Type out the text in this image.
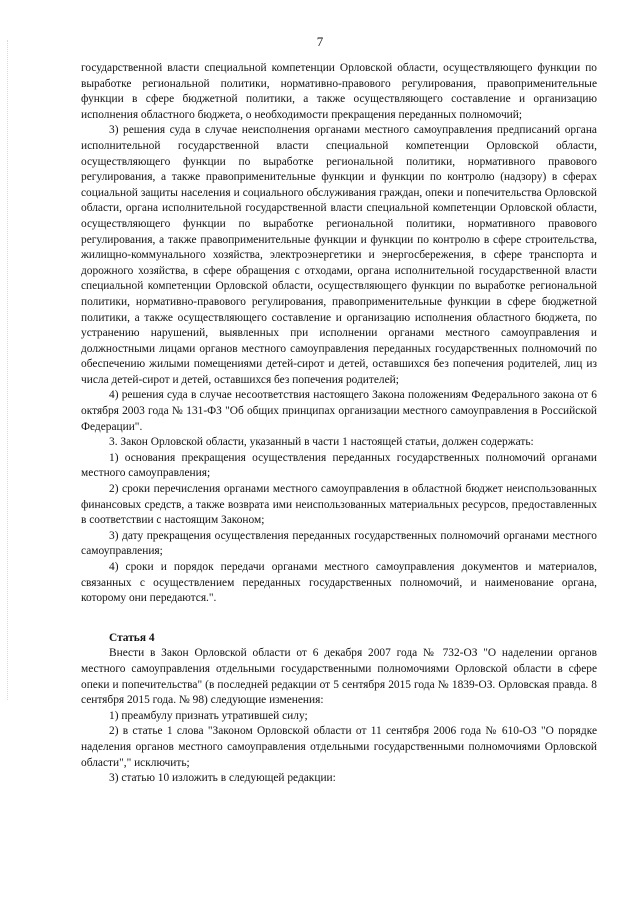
7

государственной власти специальной компетенции Орловской области, осуществляющего функции по выработке региональной политики, нормативно-правового регулирования, правоприменительные функции в сфере бюджетной политики, а также осуществляющего составление и организацию исполнения областного бюджета, о необходимости прекращения переданных полномочий;

3) решения суда в случае неисполнения органами местного самоуправления предписаний органа исполнительной государственной власти специальной компетенции Орловской области, осуществляющего функции по выработке региональной политики, нормативного правового регулирования, а также правоприменительные функции и функции по контролю (надзору) в сферах социальной защиты населения и социального обслуживания граждан, опеки и попечительства Орловской области, органа исполнительной государственной власти специальной компетенции Орловской области, осуществляющего функции по выработке региональной политики, нормативного правового регулирования, а также правоприменительные функции и функции по контролю в сфере строительства, жилищно-коммунального хозяйства, электроэнергетики и энергосбережения, в сфере транспорта и дорожного хозяйства, в сфере обращения с отходами, органа исполнительной государственной власти специальной компетенции Орловской области, осуществляющего функции по выработке региональной политики, нормативно-правового регулирования, правоприменительные функции в сфере бюджетной политики, а также осуществляющего составление и организацию исполнения областного бюджета, по устранению нарушений, выявленных при исполнении органами местного самоуправления и должностными лицами органов местного самоуправления переданных государственных полномочий по обеспечению жилыми помещениями детей-сирот и детей, оставшихся без попечения родителей, лиц из числа детей-сирот и детей, оставшихся без попечения родителей;

4) решения суда в случае несоответствия настоящего Закона положениям Федерального закона от 6 октября 2003 года № 131-ФЗ "Об общих принципах организации местного самоуправления в Российской Федерации".

3. Закон Орловской области, указанный в части 1 настоящей статьи, должен содержать:

1) основания прекращения осуществления переданных государственных полномочий органами местного самоуправления;

2) сроки перечисления органами местного самоуправления в областной бюджет неиспользованных финансовых средств, а также возврата ими неиспользованных материальных ресурсов, предоставленных в соответствии с настоящим Законом;

3) дату прекращения осуществления переданных государственных полномочий органами местного самоуправления;

4) сроки и порядок передачи органами местного самоуправления документов и материалов, связанных с осуществлением переданных государственных полномочий, и наименование органа, которому они передаются.".

Статья 4

Внести в Закон Орловской области от 6 декабря 2007 года № 732-ОЗ "О наделении органов местного самоуправления отдельными государственными полномочиями Орловской области в сфере опеки и попечительства" (в последней редакции от 5 сентября 2015 года № 1839-ОЗ. Орловская правда. 8 сентября 2015 года. № 98) следующие изменения:

1) преамбулу признать утратившей силу;

2) в статье 1 слова "Законом Орловской области от 11 сентября 2006 года № 610-ОЗ "О порядке наделения органов местного самоуправления отдельными государственными полномочиями Орловской области"," исключить;

3) статью 10 изложить в следующей редакции:
